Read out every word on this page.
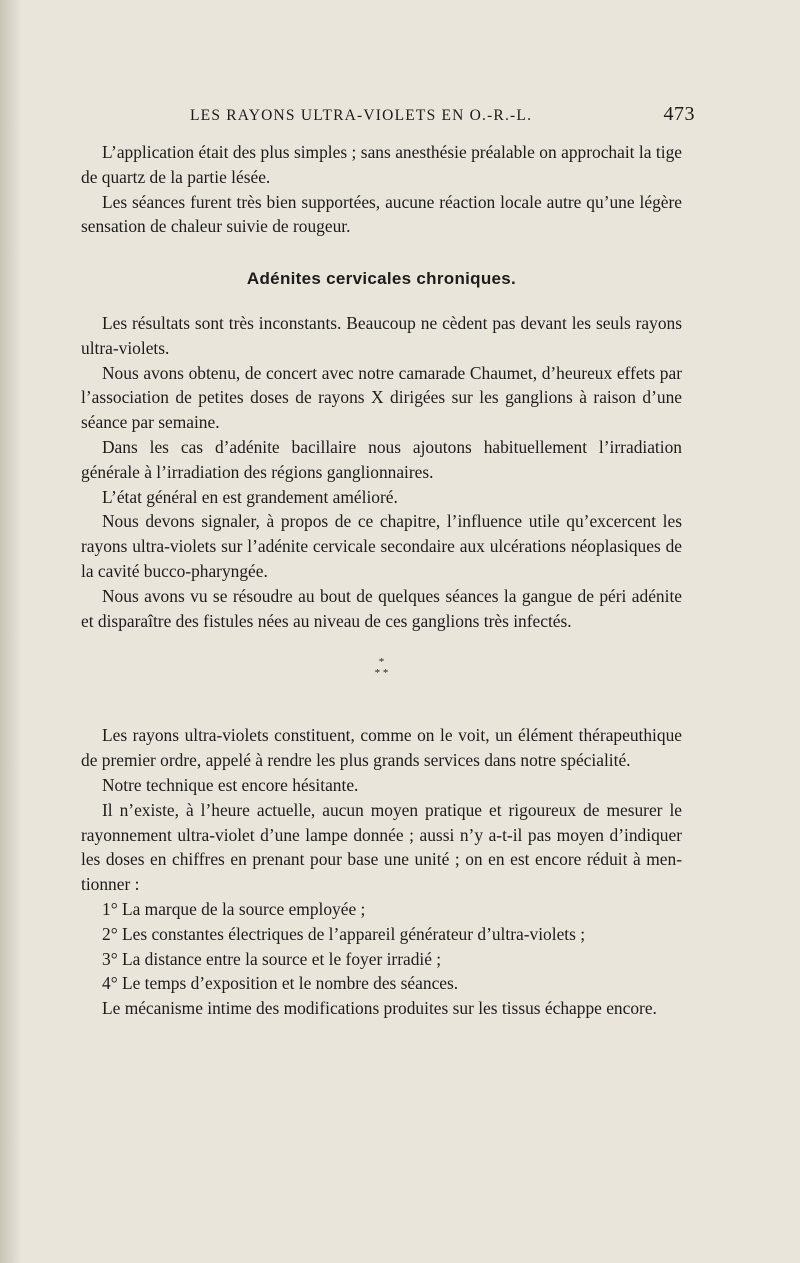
LES RAYONS ULTRA-VIOLETS EN O.-R.-L.	473

L’application était des plus simples ; sans anesthésie préalable on approchait la tige de quartz de la partie lésée.

Les séances furent très bien supportées, aucune réaction locale autre qu’une légère sensation de chaleur suivie de rougeur.

Adénites cervicales chroniques.

Les résultats sont très inconstants. Beaucoup ne cèdent pas devant les seuls rayons ultra-violets.

Nous avons obtenu, de concert avec notre camarade Chaumet, d’heureux effets par l’association de petites doses de rayons X dirigées sur les ganglions à raison d’une séance par semaine.

Dans les cas d’adénite bacillaire nous ajoutons habituellement l’irradiation générale à l’irradiation des régions ganglionnaires.

L’état général en est grandement amélioré.

Nous devons signaler, à propos de ce chapitre, l’influence utile qu’excercent les rayons ultra-violets sur l’adénite cervicale secondaire aux ulcérations néoplasiques de la cavité bucco-pharyngée.

Nous avons vu se résoudre au bout de quelques séances la gangue de péri adénite et disparaître des fistules nées au niveau de ces ganglions très infectés.

*
* *

Les rayons ultra-violets constituent, comme on le voit, un élément thérapeuthique de premier ordre, appelé à rendre les plus grands services dans notre spécialité.

Notre technique est encore hésitante.

Il n’existe, à l’heure actuelle, aucun moyen pratique et rigoureux de mesurer le rayonnement ultra-violet d’une lampe donnée ; aussi n’y a-t-il pas moyen d’indiquer les doses en chiffres en prenant pour base une unité ; on en est encore réduit à mentionner :

1° La marque de la source employée ;

2° Les constantes électriques de l’appareil générateur d’ultra-violets ;

3° La distance entre la source et le foyer irradié ;

4° Le temps d’exposition et le nombre des séances.

Le mécanisme intime des modifications produites sur les tissus échappe encore.
